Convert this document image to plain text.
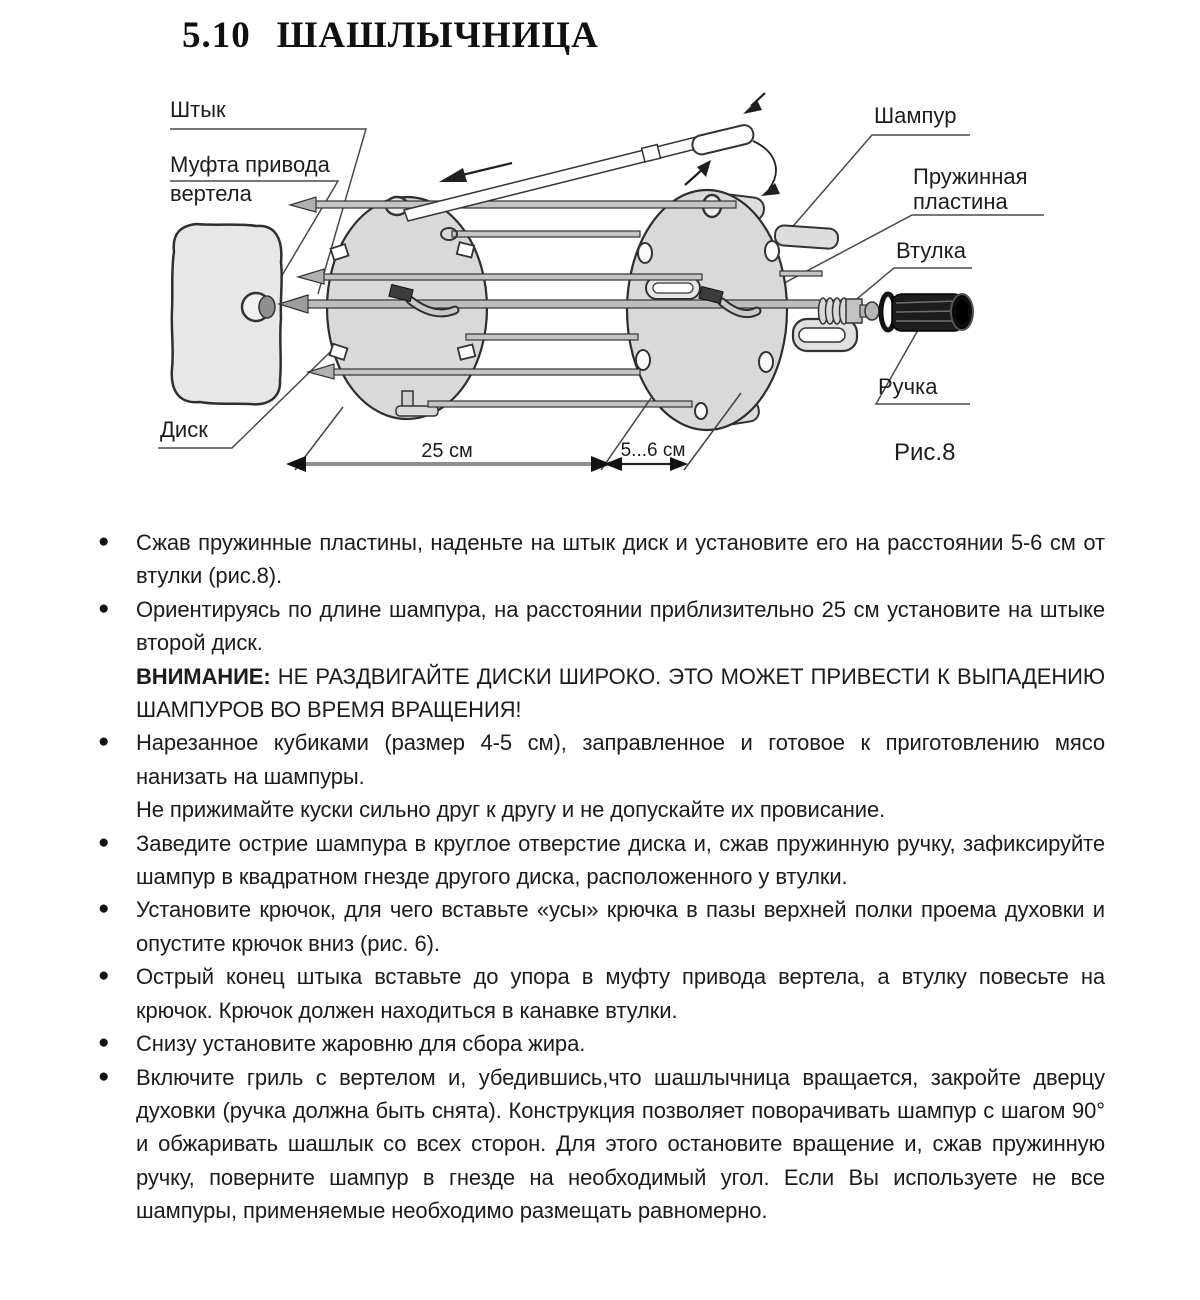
5.10 ШАШЛЫЧНИЦА
25 см	5...6 см
Штык
Муфта привода
вертела
Диск
Шампур
Пружинная
пластина
Втулка
Ручка
Рис.8
● Сжав пружинные пластины, наденьте на штык диск и установите его на расстоянии 5-6 см от втулки (рис.8).
● Ориентируясь по длине шампура, на расстоянии приблизительно 25 см установите на штыке второй диск.
ВНИМАНИЕ: НЕ РАЗДВИГАЙТЕ ДИСКИ ШИРОКО. ЭТО МОЖЕТ ПРИВЕСТИ К ВЫПАДЕНИЮ ШАМПУРОВ ВО ВРЕМЯ ВРАЩЕНИЯ!
● Нарезанное кубиками (размер 4-5 см), заправленное и готовое к приготовлению мясо нанизать на шампуры.
Не прижимайте куски сильно друг к другу и не допускайте их провисание.
● Заведите острие шампура в круглое отверстие диска и, сжав пружинную ручку, зафиксируйте шампур в квадратном гнезде другого диска, расположенного у втулки.
● Установите крючок, для чего вставьте «усы» крючка в пазы верхней полки проема духовки и опустите крючок вниз (рис. 6).
● Острый конец штыка вставьте до упора в муфту привода вертела, а втулку повесьте на крючок. Крючок должен находиться в канавке втулки.
● Снизу установите жаровню для сбора жира.
● Включите гриль с вертелом и, убедившись,что шашлычница вращается, закройте дверцу духовки (ручка должна быть снята). Конструкция позволяет поворачивать шампур с шагом 90° и обжаривать шашлык со всех сторон. Для этого остановите вращение и, сжав пружинную ручку, поверните шампур в гнезде на необходимый угол. Если Вы используете не все шампуры, применяемые необходимо размещать равномерно.
